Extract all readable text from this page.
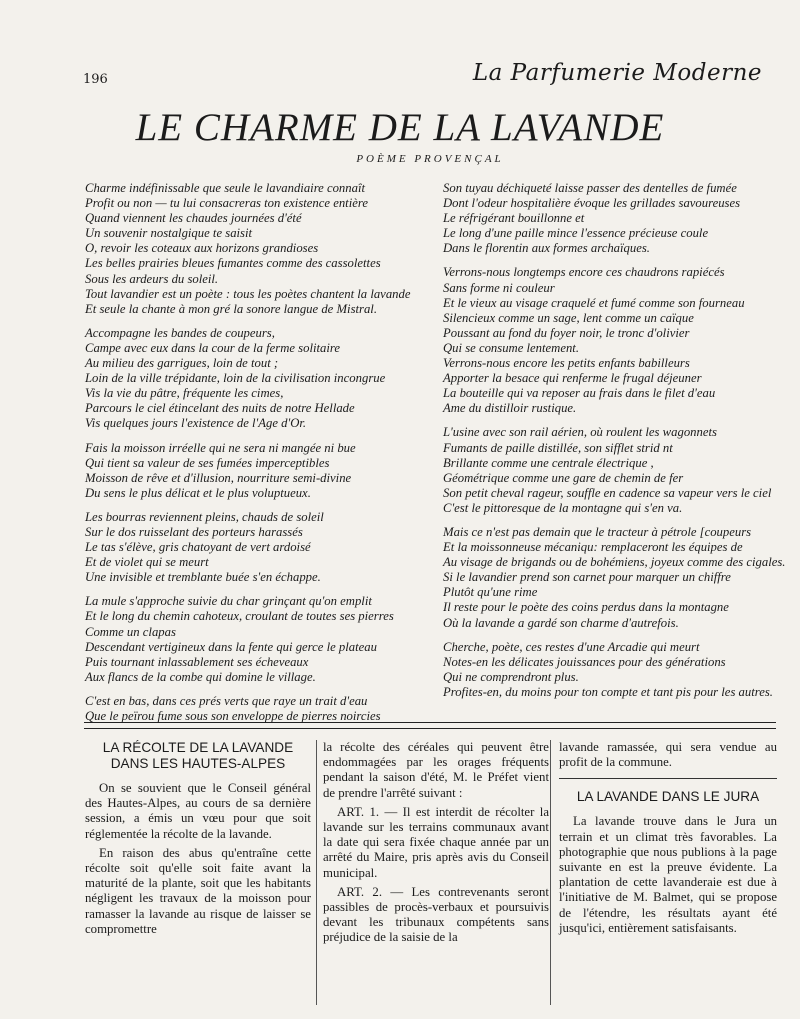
196	La Parfumerie Moderne
LE CHARME DE LA LAVANDE
POÈME PROVENÇAL
Charme indéfinissable que seule le lavandiaire connaît
Profit ou non — tu lui consacreras ton existence entière
Quand viennent les chaudes journées d'été
Un souvenir nostalgique te saisit
O, revoir les coteaux aux horizons grandioses
Les belles prairies bleues fumantes comme des cassolettes
Sous les ardeurs du soleil.
Tout lavandier est un poète : tous les poètes chantent la lavande
Et seule la chante à mon gré la sonore langue de Mistral.
Accompagne les bandes de coupeurs,
Campe avec eux dans la cour de la ferme solitaire
Au milieu des garrigues, loin de tout ;
Loin de la ville trépidante, loin de la civilisation incongrue
Vis la vie du pâtre, fréquente les cimes,
Parcours le ciel étincelant des nuits de notre Hellade
Vis quelques jours l'existence de l'Age d'Or.
Fais la moisson irréelle qui ne sera ni mangée ni bue
Qui tient sa valeur de ses fumées imperceptibles
Moisson de rêve et d'illusion, nourriture semi-divine
Du sens le plus délicat et le plus voluptueux.
Les bourras reviennent pleins, chauds de soleil
Sur le dos ruisselant des porteurs harassés
Le tas s'élève, gris chatoyant de vert ardoisé
Et de violet qui se meurt
Une invisible et tremblante buée s'en échappe.
La mule s'approche suivie du char grinçant qu'on emplit
Et le long du chemin cahoteux, croulant de toutes ses pierres
Comme un clapas
Descendant vertigineux dans la fente qui gerce le plateau
Puis tournant inlassablement ses écheveaux
Aux flancs de la combe qui domine le village.
C'est en bas, dans ces prés verts que raye un trait d'eau
Que le peïrou fume sous son enveloppe de pierres noircies
Son tuyau déchiqueté laisse passer des dentelles de fumée
Dont l'odeur hospitalière évoque les grillades savoureuses
Le réfrigérant bouillonne et
Le long d'une paille mince l'essence précieuse coule
Dans le florentin aux formes archaïques.
Verrons-nous longtemps encore ces chaudrons rapiécés
Sans forme ni couleur
Et le vieux au visage craquelé et fumé comme son fourneau
Silencieux comme un sage, lent comme un caïque
Poussant au fond du foyer noir, le tronc d'olivier
Qui se consume lentement.
Verrons-nous encore les petits enfants babilleurs
Apporter la besace qui renferme le frugal déjeuner
La bouteille qui va reposer au frais dans le filet d'eau
Ame du distilloir rustique.
L'usine avec son rail aérien, où roulent les wagonnets
Fumants de paille distillée, son sifflet strid nt
Brillante comme une centrale électrique ,
Géométrique comme une gare de chemin de fer
Son petit cheval rageur, souffle en cadence sa vapeur vers le ciel
C'est le pittoresque de la montagne qui s'en va.
Mais ce n'est pas demain que le tracteur à pétrole [coupeurs
Et la moissonneuse mécaniqu: remplaceront les équipes de
Au visage de brigands ou de bohémiens, joyeux comme des cigales.
Si le lavandier prend son carnet pour marquer un chiffre
Plutôt qu'une rime
Il reste pour le poète des coins perdus dans la montagne
Où la lavande a gardé son charme d'autrefois.
Cherche, poète, ces restes d'une Arcadie qui meurt
Notes-en les délicates jouissances pour des générations
Qui ne comprendront plus.
Profites-en, du moins pour ton compte et tant pis pour les autres.
LA RÉCOLTE DE LA LAVANDE
DANS LES HAUTES-ALPES

On se souvient que le Conseil général des Hautes-Alpes, au cours de sa dernière session, a émis un vœu pour que soit réglementée la récolte de la lavande.

En raison des abus qu'entraîne cette récolte soit qu'elle soit faite avant la maturité de la plante, soit que les habitants négligent les travaux de la moisson pour ramasser la lavande au risque de laisser se compromettre

la récolte des céréales qui peuvent être endommagées par les orages fréquents pendant la saison d'été, M. le Préfet vient de prendre l'arrêté suivant :

ART. 1. — Il est interdit de récolter la lavande sur les terrains communaux avant la date qui sera fixée chaque année par un arrêté du Maire, pris après avis du Conseil municipal.

ART. 2. — Les contrevenants seront passibles de procès-verbaux et poursuivis devant les tribunaux compétents sans préjudice de la saisie de la

lavande ramassée, qui sera vendue au profit de la commune.

LA LAVANDE DANS LE JURA

La lavande trouve dans le Jura un terrain et un climat très favorables. La photographie que nous publions à la page suivante en est la preuve évidente. La plantation de cette lavanderaie est due à l'initiative de M. Balmet, qui se propose de l'étendre, les résultats ayant été jusqu'ici, entièrement satisfaisants.
